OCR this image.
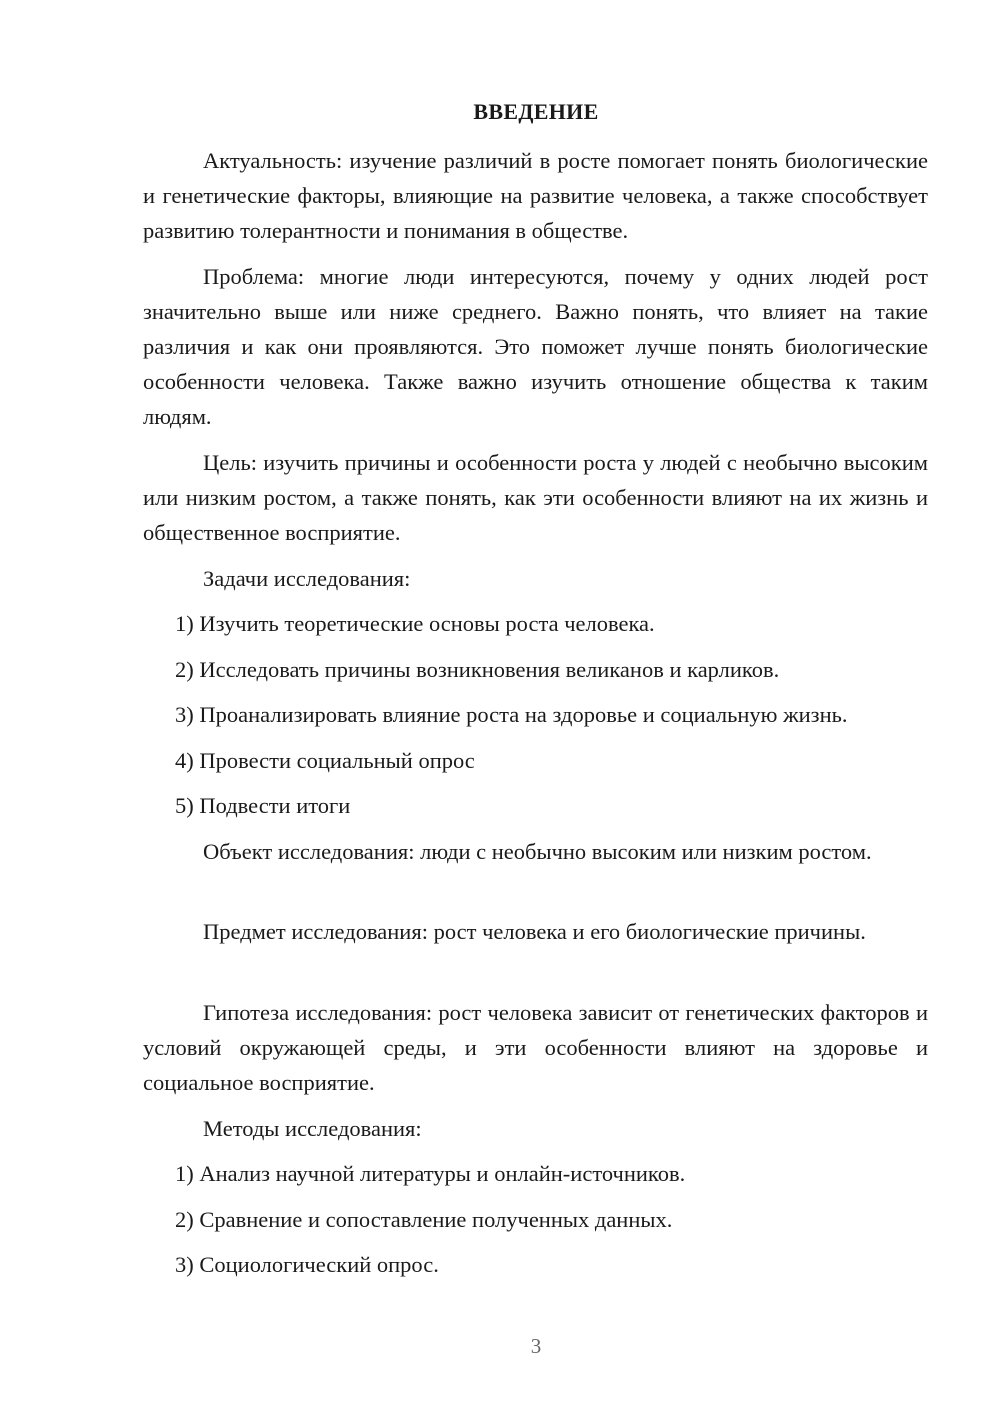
ВВЕДЕНИЕ

Актуальность: изучение различий в росте помогает понять биологические и генетические факторы, влияющие на развитие человека, а также способствует развитию толерантности и понимания в обществе.

Проблема: многие люди интересуются, почему у одних людей рост значительно выше или ниже среднего. Важно понять, что влияет на такие различия и как они проявляются. Это поможет лучше понять биологические особенности человека. Также важно изучить отношение общества к таким людям.

Цель: изучить причины и особенности роста у людей с необычно высоким или низким ростом, а также понять, как эти особенности влияют на их жизнь и общественное восприятие.

Задачи исследования:
1) Изучить теоретические основы роста человека.
2) Исследовать причины возникновения великанов и карликов.
3) Проанализировать влияние роста на здоровье и социальную жизнь.
4) Провести социальный опрос
5) Подвести итоги

Объект исследования: люди с необычно высоким или низким ростом.

Предмет исследования: рост человека и его биологические причины.

Гипотеза исследования: рост человека зависит от генетических факторов и условий окружающей среды, и эти особенности влияют на здоровье и социальное восприятие.

Методы исследования:
1) Анализ научной литературы и онлайн-источников.
2) Сравнение и сопоставление полученных данных.
3) Социологический опрос.
3
